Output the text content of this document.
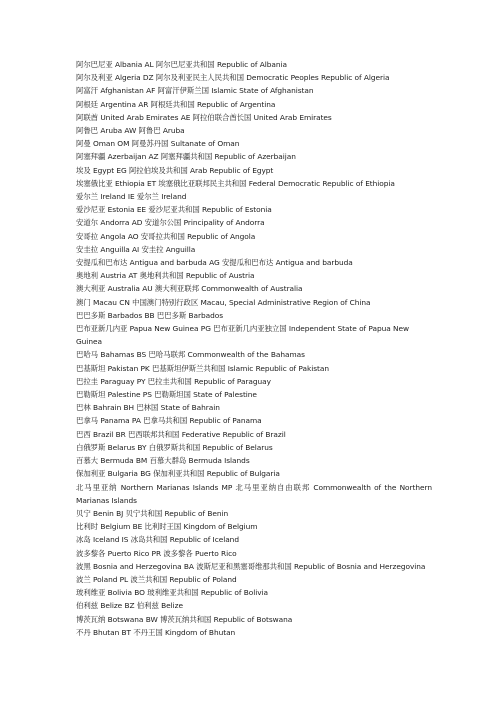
阿尔巴尼亚 Albania AL 阿尔巴尼亚共和国 Republic of Albania
阿尔及利亚 Algeria DZ 阿尔及利亚民主人民共和国 Democratic Peoples Republic of Algeria
阿富汗 Afghanistan AF 阿富汗伊斯兰国 Islamic State of Afghanistan
阿根廷 Argentina AR 阿根廷共和国 Republic of Argentina
阿联酋 United Arab Emirates AE 阿拉伯联合酋长国 United Arab Emirates
阿鲁巴 Aruba AW 阿鲁巴 Aruba
阿曼 Oman OM 阿曼苏丹国 Sultanate of Oman
阿塞拜疆 Azerbaijan AZ 阿塞拜疆共和国 Republic of Azerbaijan
埃及 Egypt EG 阿拉伯埃及共和国 Arab Republic of Egypt
埃塞俄比亚 Ethiopia ET 埃塞俄比亚联邦民主共和国 Federal Democratic Republic of Ethiopia
爱尔兰 Ireland IE 爱尔兰 Ireland
爱沙尼亚 Estonia EE 爱沙尼亚共和国 Republic of Estonia
安道尔 Andorra AD 安道尔公国 Principality of Andorra
安哥拉 Angola AO 安哥拉共和国 Republic of Angola
安圭拉 Anguilla AI 安圭拉 Anguilla
安提瓜和巴布达 Antigua and barbuda AG 安提瓜和巴布达 Antigua and barbuda
奥地利 Austria AT 奥地利共和国 Republic of Austria
澳大利亚 Australia AU 澳大利亚联邦 Commonwealth of Australia
澳门 Macau CN 中国澳门特别行政区 Macau, Special Administrative Region of China
巴巴多斯 Barbados BB 巴巴多斯 Barbados
巴布亚新几内亚 Papua New Guinea PG 巴布亚新几内亚独立国 Independent State of Papua New Guinea
巴哈马 Bahamas BS 巴哈马联邦 Commonwealth of the Bahamas
巴基斯坦 Pakistan PK 巴基斯坦伊斯兰共和国 Islamic Republic of Pakistan
巴拉圭 Paraguay PY 巴拉圭共和国 Republic of Paraguay
巴勒斯坦 Palestine PS 巴勒斯坦国 State of Palestine
巴林 Bahrain BH 巴林国 State of Bahrain
巴拿马 Panama PA 巴拿马共和国 Republic of Panama
巴西 Brazil BR 巴西联邦共和国 Federative Republic of Brazil
白俄罗斯 Belarus BY 白俄罗斯共和国 Republic of Belarus
百慕大 Bermuda BM 百慕大群岛 Bermuda Islands
保加利亚 Bulgaria BG 保加利亚共和国 Republic of Bulgaria
北马里亚纳 Northern Marianas Islands MP 北马里亚纳自由联邦 Commonwealth of the Northern Marianas Islands
贝宁 Benin BJ 贝宁共和国 Republic of Benin
比利时 Belgium BE 比利时王国 Kingdom of Belgium
冰岛 Iceland IS 冰岛共和国 Republic of Iceland
波多黎各 Puerto Rico PR 波多黎各 Puerto Rico
波黑 Bosnia and Herzegovina BA 波斯尼亚和黑塞哥维那共和国 Republic of Bosnia and Herzegovina
波兰 Poland PL 波兰共和国 Republic of Poland
玻利维亚 Bolivia BO 玻利维亚共和国 Republic of Bolivia
伯利兹 Belize BZ 伯利兹 Belize
博茨瓦纳 Botswana BW 博茨瓦纳共和国 Republic of Botswana
不丹 Bhutan BT 不丹王国 Kingdom of Bhutan
